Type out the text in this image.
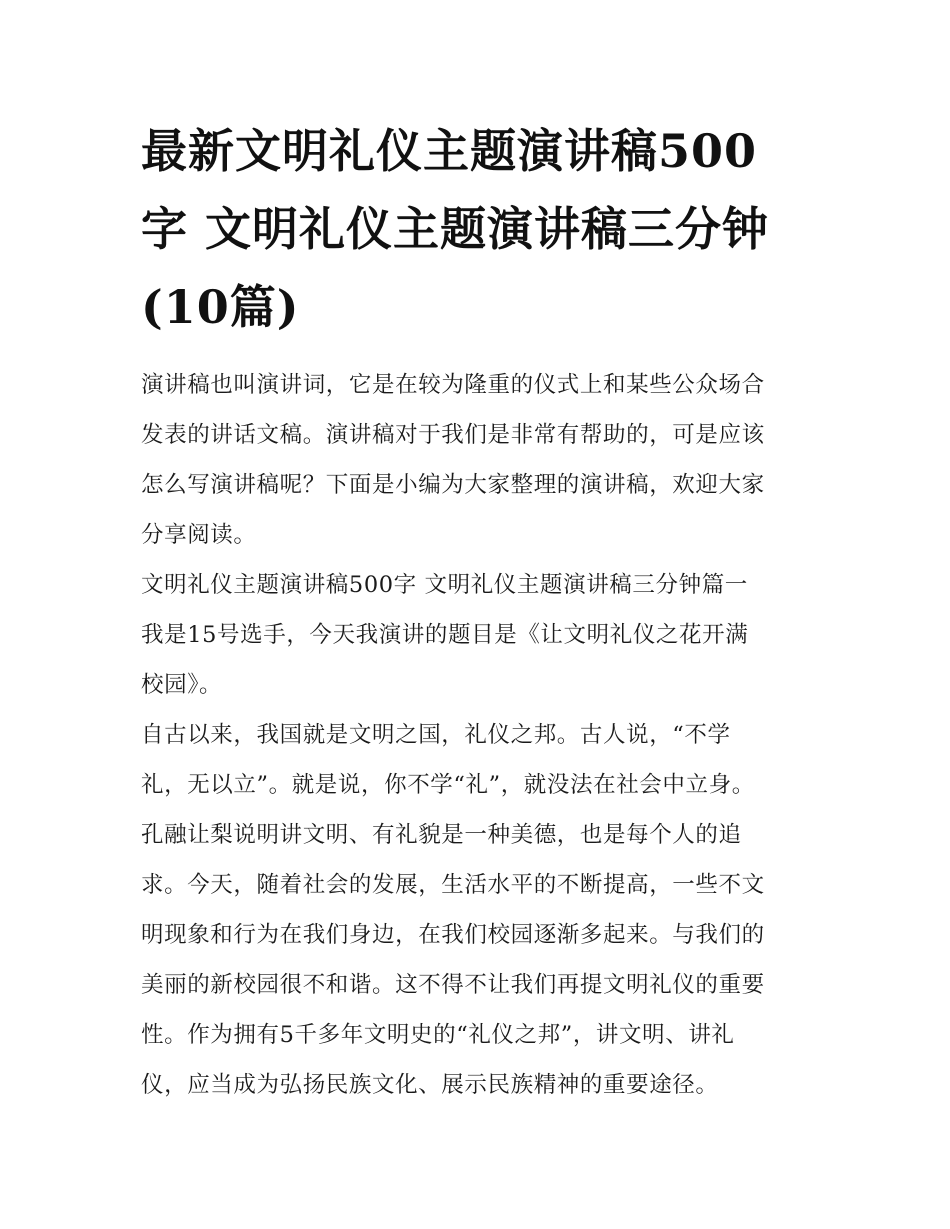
最新文明礼仪主题演讲稿500
字 文明礼仪主题演讲稿三分钟
(10篇)

演讲稿也叫演讲词，它是在较为隆重的仪式上和某些公众场合
发表的讲话文稿。演讲稿对于我们是非常有帮助的，可是应该
怎么写演讲稿呢？下面是小编为大家整理的演讲稿，欢迎大家
分享阅读。

文明礼仪主题演讲稿500字 文明礼仪主题演讲稿三分钟篇一

我是15号选手，今天我演讲的题目是《让文明礼仪之花开满
校园》。

自古以来，我国就是文明之国，礼仪之邦。古人说，“不学
礼，无以立”。就是说，你不学“礼”，就没法在社会中立身。
孔融让梨说明讲文明、有礼貌是一种美德，也是每个人的追
求。今天，随着社会的发展，生活水平的不断提高，一些不文
明现象和行为在我们身边，在我们校园逐渐多起来。与我们的
美丽的新校园很不和谐。这不得不让我们再提文明礼仪的重要
性。作为拥有5千多年文明史的“礼仪之邦”，讲文明、讲礼
仪，应当成为弘扬民族文化、展示民族精神的重要途径。
